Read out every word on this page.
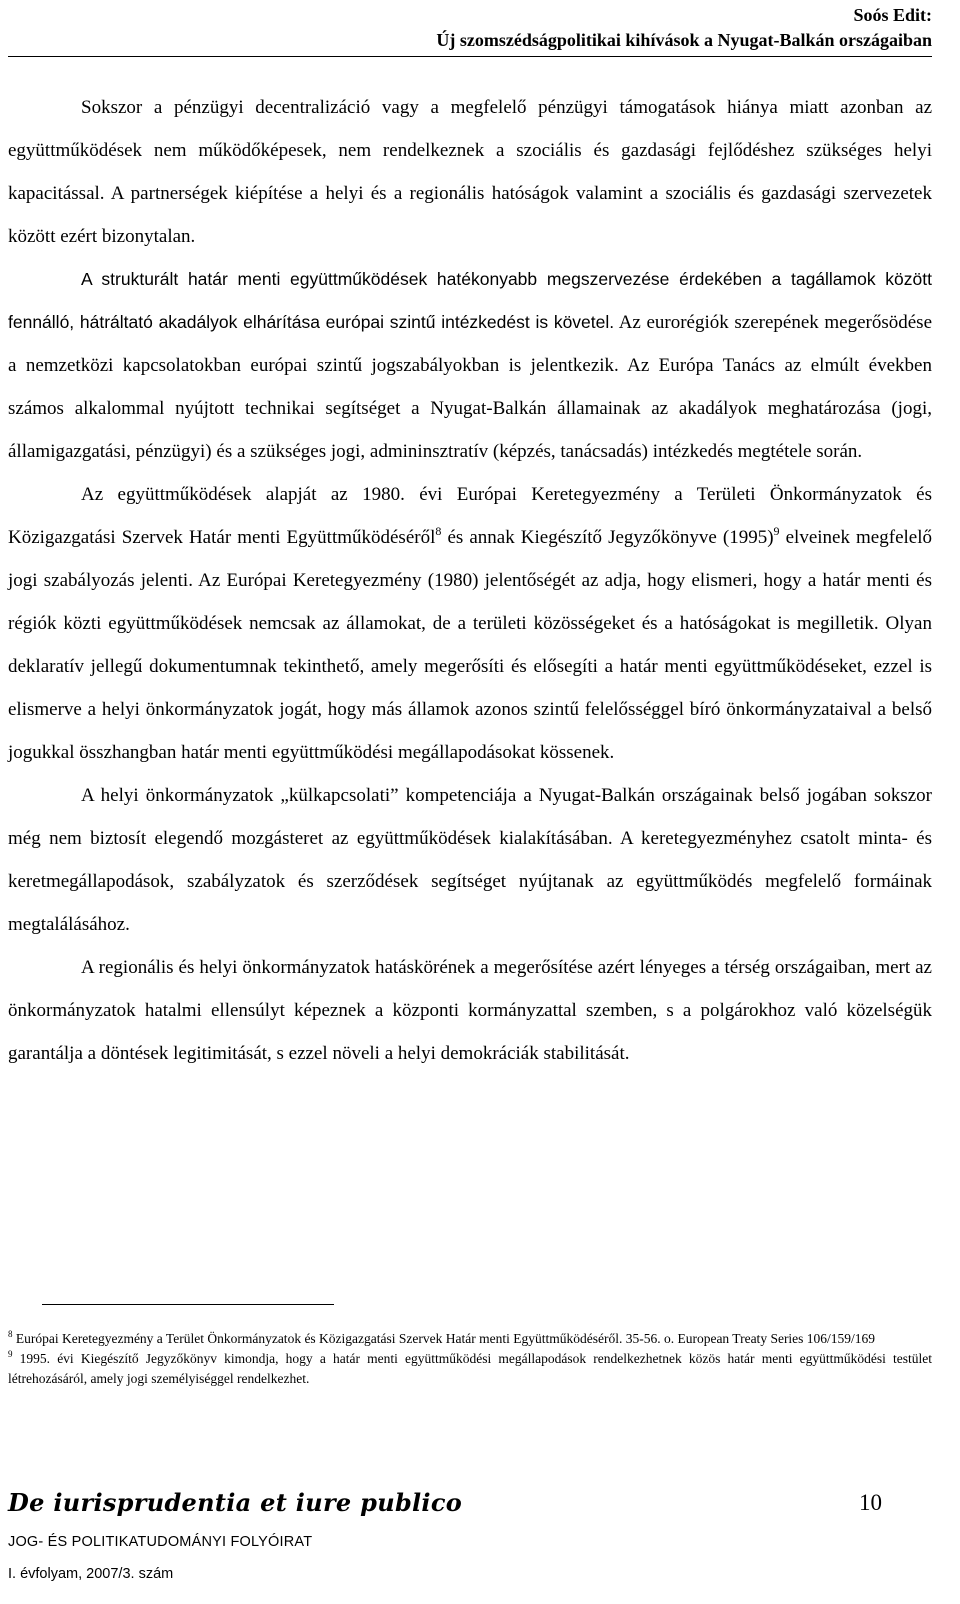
Soós Edit:
Új szomszédságpolitikai kihívások a Nyugat-Balkán országaiban

Sokszor a pénzügyi decentralizáció vagy a megfelelő pénzügyi támogatások hiánya miatt azonban az együttműködések nem működőképesek, nem rendelkeznek a szociális és gazdasági fejlődéshez szükséges helyi kapacitással. A partnerségek kiépítése a helyi és a regionális hatóságok valamint a szociális és gazdasági szervezetek között ezért bizonytalan.

A strukturált határ menti együttműködések hatékonyabb megszervezése érdekében a tagállamok között fennálló, hátráltató akadályok elhárítása európai szintű intézkedést is követel. Az eurorégiók szerepének megerősödése a nemzetközi kapcsolatokban európai szintű jogszabályokban is jelentkezik. Az Európa Tanács az elmúlt években számos alkalommal nyújtott technikai segítséget a Nyugat-Balkán államainak az akadályok meghatározása (jogi, államigazgatási, pénzügyi) és a szükséges jogi, admininsztratív (képzés, tanácsadás) intézkedés megtétele során.

Az együttműködések alapját az 1980. évi Európai Keretegyezmény a Területi Önkormányzatok és Közigazgatási Szervek Határ menti Együttműködéséről$^8$ és annak Kiegészítő Jegyzőkönyve $(1995)^9$ elveinek megfelelő jogi szabályozás jelenti. Az Európai Keretegyezmény (1980) jelentőségét az adja, hogy elismeri, hogy a határ menti és régiók közti együttműködések nemcsak az államokat, de a területi közösségeket és a hatóságokat is megilletik. Olyan deklaratív jellegű dokumentumnak tekinthető, amely megerősíti és elősegíti a határ menti együttműködéseket, ezzel is elismerve a helyi önkormányzatok jogát, hogy más államok azonos szintű felelősséggel bíró önkormányzataival a belső jogukkal összhangban határ menti együttműködési megállapodásokat kössenek.

A helyi önkormányzatok „külkapcsolati” kompetenciája a Nyugat-Balkán országainak belső jogában sokszor még nem biztosít elegendő mozgásteret az együttműködések kialakításában. A keretegyezményhez csatolt minta- és keretmegállapodások, szabályzatok és szerződések segítséget nyújtanak az együttműködés megfelelő formáinak megtalálásához.

A regionális és helyi önkormányzatok hatáskörének a megerősítése azért lényeges a térség országaiban, mert az önkormányzatok hatalmi ellensúlyt képeznek a központi kormányzattal szemben, s a polgárokhoz való közelségük garantálja a döntések legitimitását, s ezzel növeli a helyi demokráciák stabilitását.

$^8$ Európai Keretegyezmény a Terület Önkormányzatok és Közigazgatási Szervek Határ menti Együttműködéséről. 35-56. o. European Treaty Series 106/159/169

$^9$ 1995. évi Kiegészítő Jegyzőkönyv kimondja, hogy a határ menti együttműködési megállapodások rendelkezhetnek közös határ menti együttműködési testület létrehozásáról, amely jogi személyiséggel rendelkezhet.

De iurisprudentia et iure publico	10
JOG- ÉS POLITIKATUDOMÁNYI FOLYÓIRAT
I. évfolyam, 2007/3. szám
